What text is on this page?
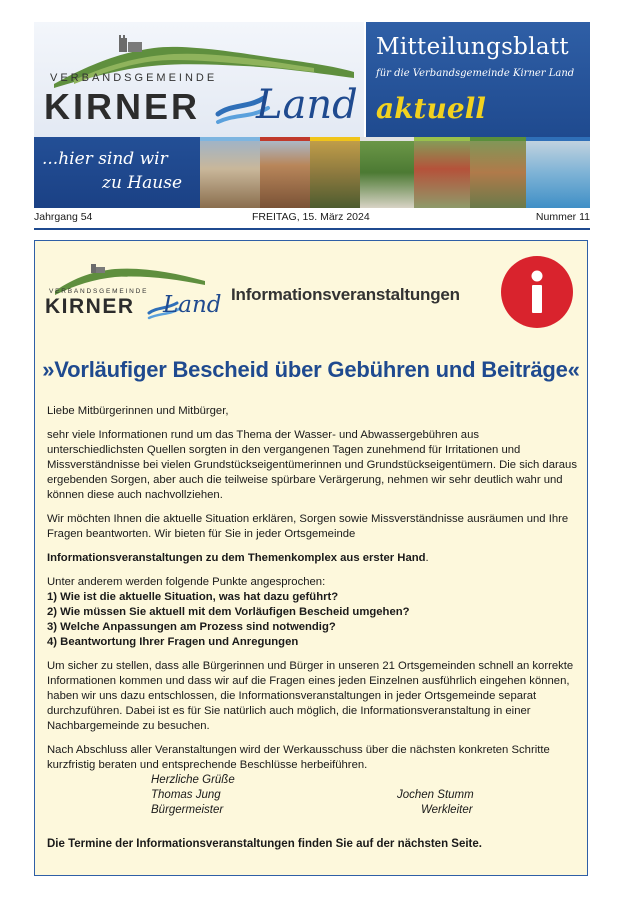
VERBANDSGEMEINDE
KIRNER Land
Mitteilungsblatt
für die Verbandsgemeinde Kirner Land
aktuell
...hier sind wir
zu Hause
Jahrgang 54	FREITAG, 15. März 2024	Nummer 11
VERBANDSGEMEINDE
KIRNER Land Informationsveranstaltungen
»Vorläufiger Bescheid über Gebühren und Beiträge«

Liebe Mitbürgerinnen und Mitbürger,

sehr viele Informationen rund um das Thema der Wasser- und Abwassergebühren aus unterschiedlichsten Quellen sorgten in den vergangenen Tagen zunehmend für Irritationen und Missverständnisse bei vielen Grundstückseigentümerinnen und Grundstückseigentümern. Die sich daraus ergebenden Sorgen, aber auch die teilweise spürbare Verärgerung, nehmen wir sehr deutlich wahr und können diese auch nachvollziehen.

Wir möchten Ihnen die aktuelle Situation erklären, Sorgen sowie Missverständnisse ausräumen und Ihre Fragen beantworten. Wir bieten für Sie in jeder Ortsgemeinde

Informationsveranstaltungen zu dem Themenkomplex aus erster Hand.

Unter anderem werden folgende Punkte angesprochen:

1) Wie ist die aktuelle Situation, was hat dazu geführt?
2) Wie müssen Sie aktuell mit dem Vorläufigen Bescheid umgehen?
3) Welche Anpassungen am Prozess sind notwendig?
4) Beantwortung Ihrer Fragen und Anregungen

Um sicher zu stellen, dass alle Bürgerinnen und Bürger in unseren 21 Ortsgemeinden schnell an korrekte Informationen kommen und dass wir auf die Fragen eines jeden Einzelnen ausführlich eingehen können, haben wir uns dazu entschlossen, die Informationsveranstaltungen in jeder Ortsgemeinde separat durchzuführen. Dabei ist es für Sie natürlich auch möglich, die Informationsveranstaltung in einer Nachbargemeinde zu besuchen.

Nach Abschluss aller Veranstaltungen wird der Werkausschuss über die nächsten konkreten Schritte kurzfristig beraten und entsprechende Beschlüsse herbeiführen.

Herzliche Grüße
Thomas Jung
Bürgermeister
Jochen Stumm
Werkleiter
Die Termine der Informationsveranstaltungen finden Sie auf der nächsten Seite.
